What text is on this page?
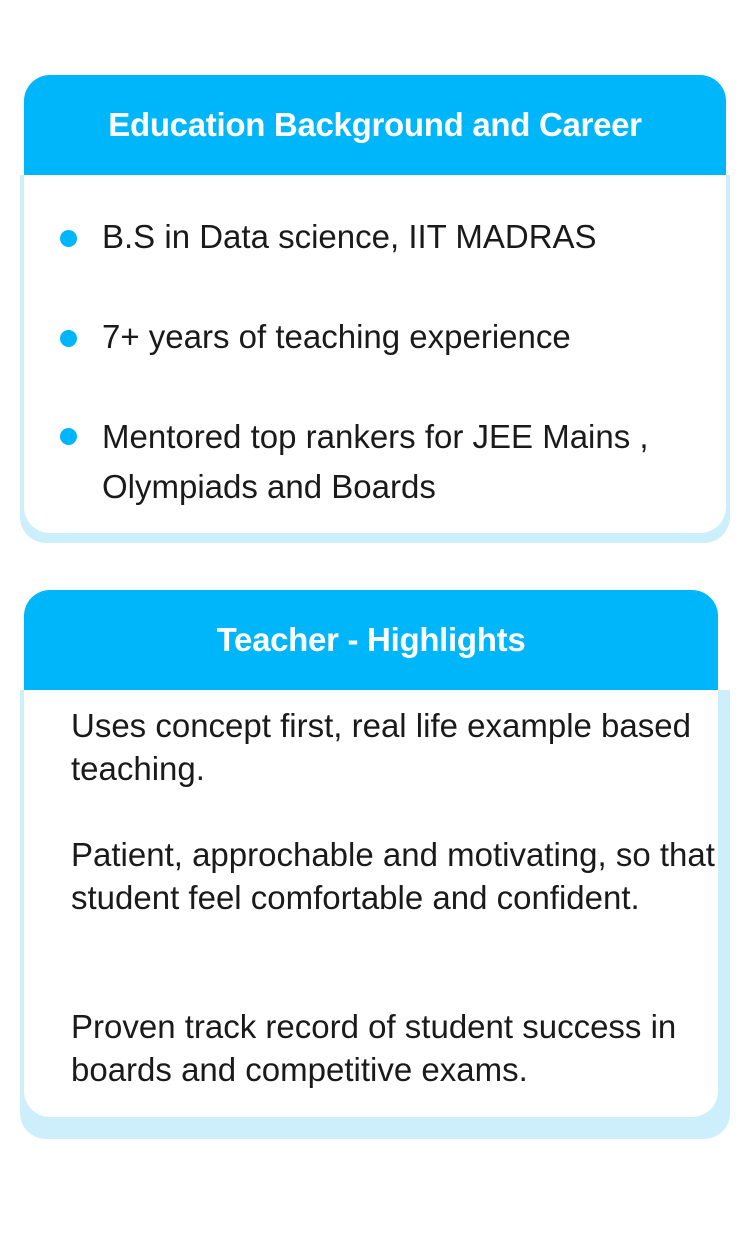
Education Background and Career
B.S in Data science, IIT MADRAS
7+ years of teaching experience
Mentored top rankers for JEE Mains , Olympiads and Boards
Teacher - Highlights

Uses concept first, real life example based teaching.

Patient, approchable and motivating, so that student feel comfortable and confident.

Proven track record of student success in boards and competitive exams.
